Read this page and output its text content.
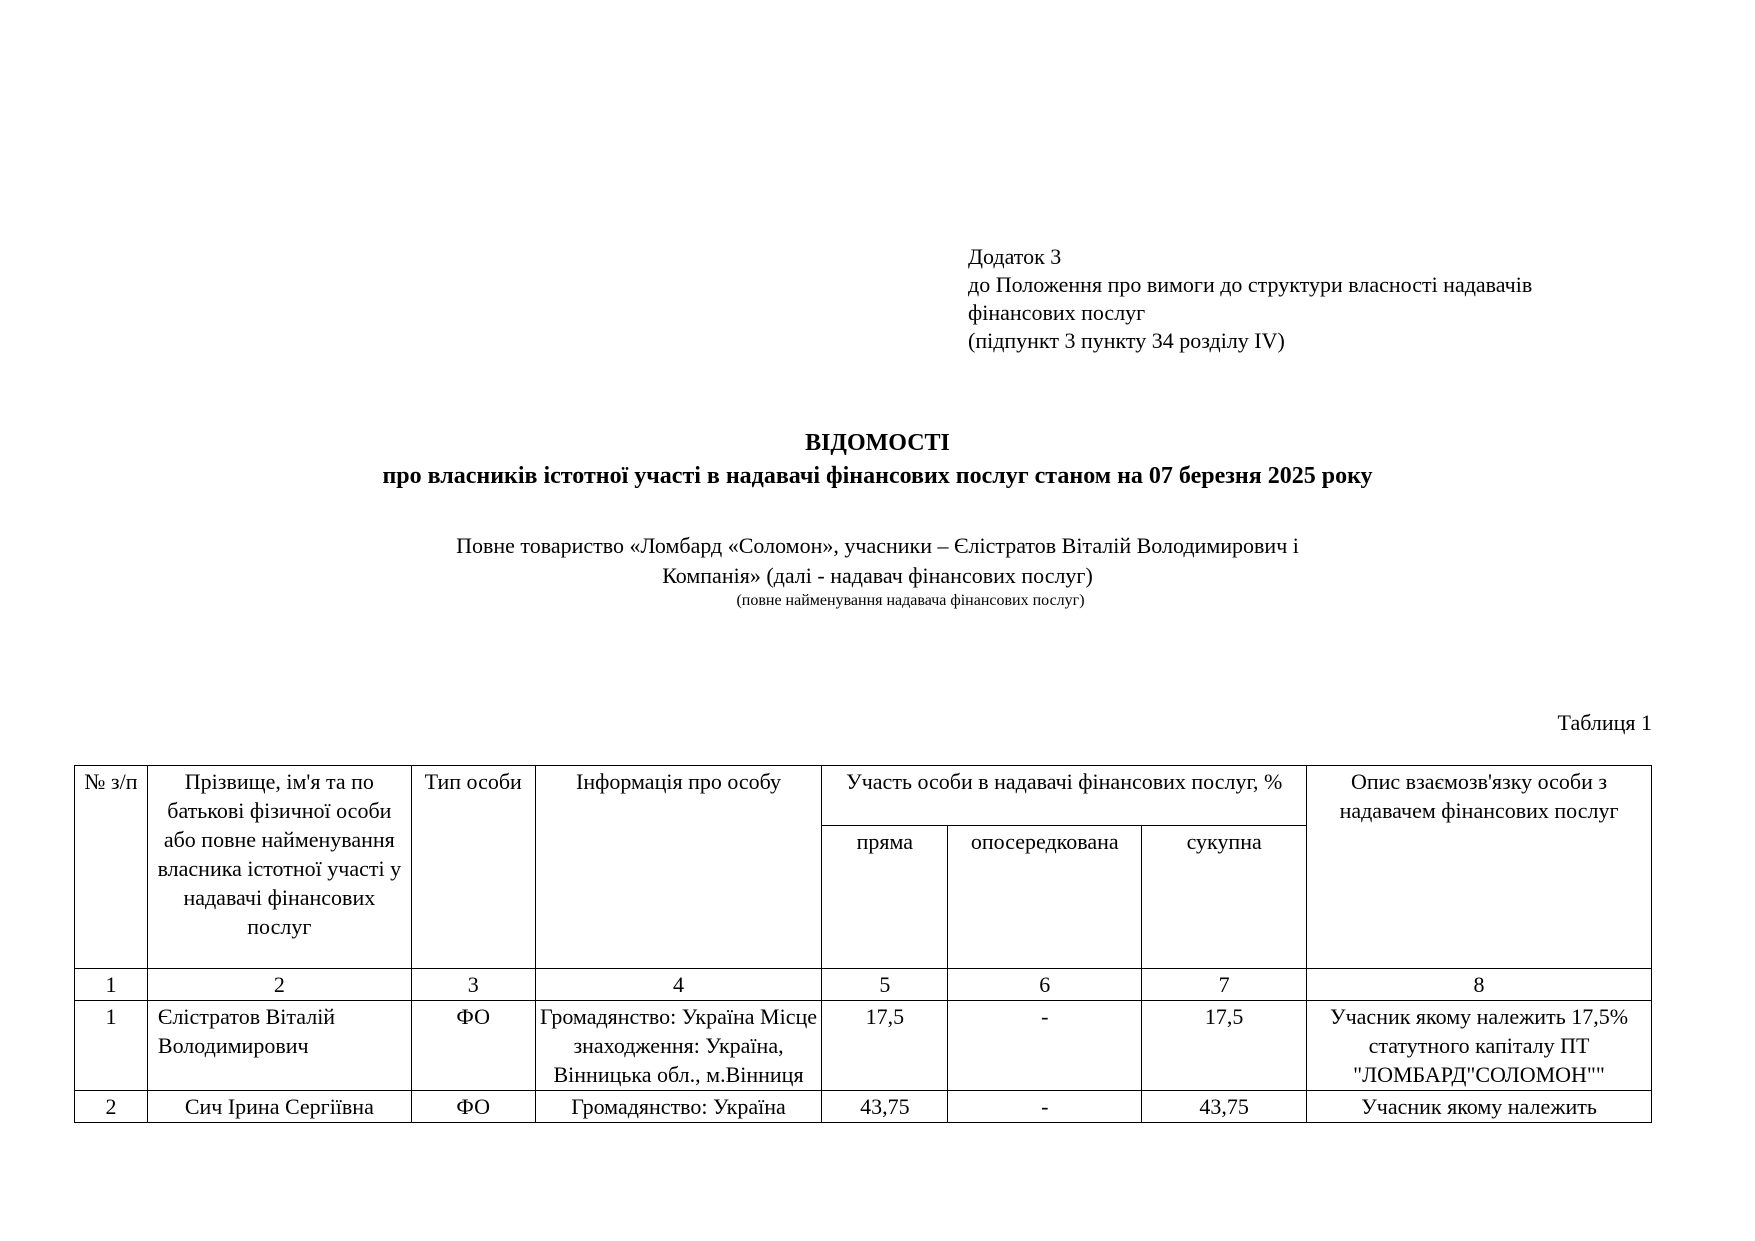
Додаток 3
до Положення про вимоги до структури власності надавачів
фінансових послуг
(підпункт 3 пункту 34 розділу IV)
ВІДОМОСТІ
про власників істотної участі в надавачі фінансових послуг станом на 07 березня 2025 року
Повне товариство «Ломбард «Соломон», учасники – Єлістратов Віталій Володимирович і
Компанія» (далі - надавач фінансових послуг)
(повне найменування надавача фінансових послуг)
Таблиця 1
№ з/п	Прізвище, ім'я та по батькові фізичної особи або повне найменування власника істотної участі у надавачі фінансових послуг	Тип особи	Інформація про особу	Участь особи в надавачі фінансових послуг, %			Опис взаємозв'язку особи з надавачем фінансових послуг
				пряма	опосередкована	сукупна	
1	2	3	4	5	6	7	8
1	Єлістратов Віталій Володимирович	ФО	Громадянство: Україна Місце знаходження: Україна, Вінницька обл., м.Вінниця	17,5	-	17,5	Учасник якому належить 17,5% статутного капіталу ПТ "ЛОМБАРД"СОЛОМОН""
2	Сич Ірина Сергіївна	ФО	Громадянство: Україна	43,75	-	43,75	Учасник якому належить
